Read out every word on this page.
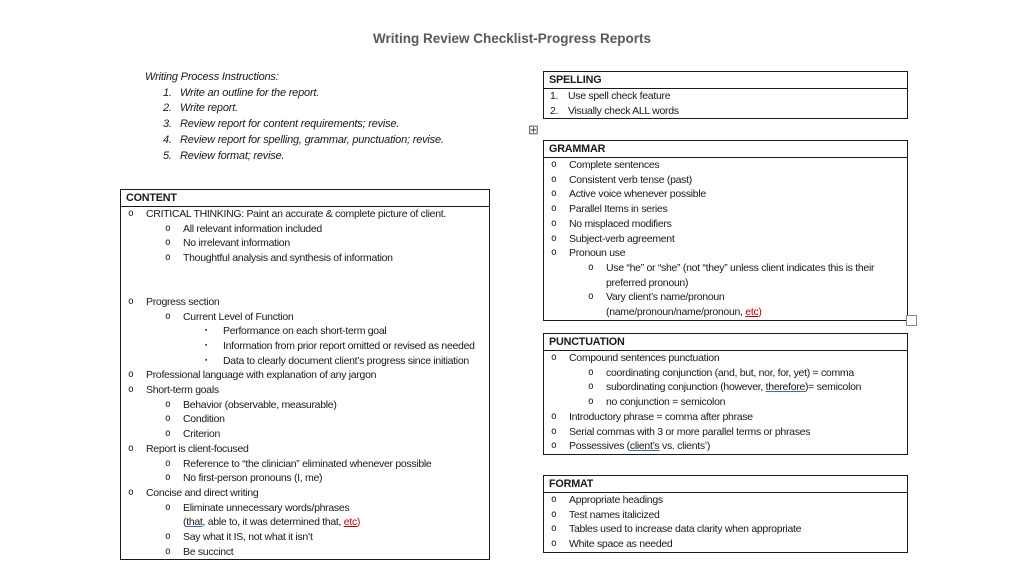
Writing Review Checklist-Progress Reports
Writing Process Instructions:
1. Write an outline for the report.
2. Write report.
3. Review report for content requirements; revise.
4. Review report for spelling, grammar, punctuation; revise.
5. Review format; revise.
CONTENT
o	CRITICAL THINKING: Paint an accurate & complete picture of client.
o	All relevant information included
o	No irrelevant information
o	Thoughtful analysis and synthesis of information
o	Progress section
o	Current Level of Function
▪	Performance on each short-term goal
▪	Information from prior report omitted or revised as needed
▪	Data to clearly document client’s progress since initiation
o	Professional language with explanation of any jargon
o	Short-term goals
o	Behavior (observable, measurable)
o	Condition
o	Criterion
o	Report is client-focused
o	Reference to “the clinician” eliminated whenever possible
o	No first-person pronouns (I, me)
o	Concise and direct writing
o	Eliminate unnecessary words/phrases
(that, able to, it was determined that, etc)
o	Say what it IS, not what it isn’t
o	Be succinct
SPELLING
1. Use spell check feature
2. Visually check ALL words
⊞
GRAMMAR
o	Complete sentences
o	Consistent verb tense (past)
o	Active voice whenever possible
o	Parallel Items in series
o	No misplaced modifiers
o	Subject-verb agreement
o	Pronoun use
o	Use “he” or “she” (not “they” unless client indicates this is their preferred pronoun)
o	Vary client’s name/pronoun
(name/pronoun/name/pronoun, etc)
PUNCTUATION
o	Compound sentences punctuation
o	coordinating conjunction (and, but, nor, for, yet) = comma
o	subordinating conjunction (however, therefore)= semicolon
o	no conjunction = semicolon
o	Introductory phrase = comma after phrase
o	Serial commas with 3 or more parallel terms or phrases
o	Possessives (client’s vs. clients’)
FORMAT
o	Appropriate headings
o	Test names italicized
o	Tables used to increase data clarity when appropriate
o	White space as needed
